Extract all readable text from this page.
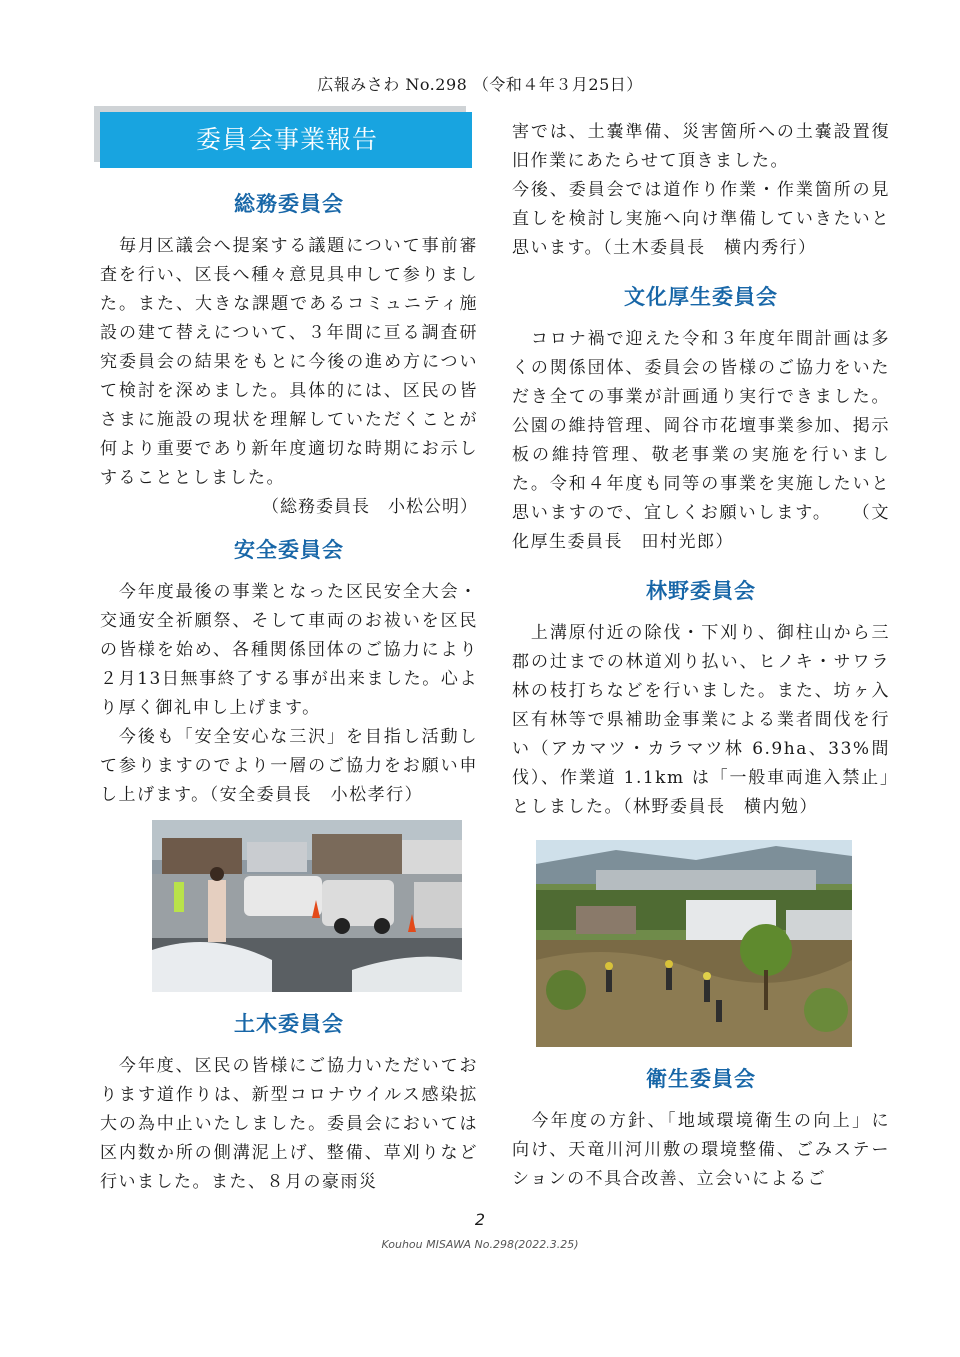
広報みさわ No.298 （令和４年３月25日）
委員会事業報告
総務委員会

　毎月区議会へ提案する議題について事前審査を行い、区長へ種々意見具申して参りました。また、大きな課題であるコミュニティ施設の建て替えについて、３年間に亘る調査研究委員会の結果をもとに今後の進め方について検討を深めました。具体的には、区民の皆さまに施設の現状を理解していただくことが何より重要であり新年度適切な時期にお示しすることとしました。

（総務委員長　小松公明）

安全委員会

　今年度最後の事業となった区民安全大会・交通安全祈願祭、そして車両のお祓いを区民の皆様を始め、各種関係団体のご協力により２月13日無事終了する事が出来ました。心より厚く御礼申し上げます。

　今後も「安全安心な三沢」を目指し活動して参りますのでより一層のご協力をお願い申し上げます。（安全委員長　小松孝行）

土木委員会

　今年度、区民の皆様にご協力いただいております道作りは、新型コロナウイルス感染拡大の為中止いたしました。委員会においては区内数か所の側溝泥上げ、整備、草刈りなど行いました。また、８月の豪雨災

害では、土嚢準備、災害箇所への土嚢設置復旧作業にあたらせて頂きました。

今後、委員会では道作り作業・作業箇所の見直しを検討し実施へ向け準備していきたいと思います。（土木委員長　横内秀行）

文化厚生委員会

　コロナ禍で迎えた令和３年度年間計画は多くの関係団体、委員会の皆様のご協力をいただき全ての事業が計画通り実行できました。公園の維持管理、岡谷市花壇事業参加、掲示板の維持管理、敬老事業の実施を行いました。令和４年度も同等の事業を実施したいと思いますので、宜しくお願いします。　　（文化厚生委員長　田村光郎）

林野委員会

　上溝原付近の除伐・下刈り、御柱山から三郡の辻までの林道刈り払い、ヒノキ・サワラ林の枝打ちなどを行いました。また、坊ヶ入区有林等で県補助金事業による業者間伐を行い（アカマツ・カラマツ林 6.9ha、33%間伐）、作業道 1.1km は「一般車両進入禁止」としました。（林野委員長　横内勉）

衛生委員会

　今年度の方針、「地域環境衛生の向上」に向け、天竜川河川敷の環境整備、ごみステーションの不具合改善、立会いによるご

2
Kouhou MISAWA No.298(2022.3.25)
